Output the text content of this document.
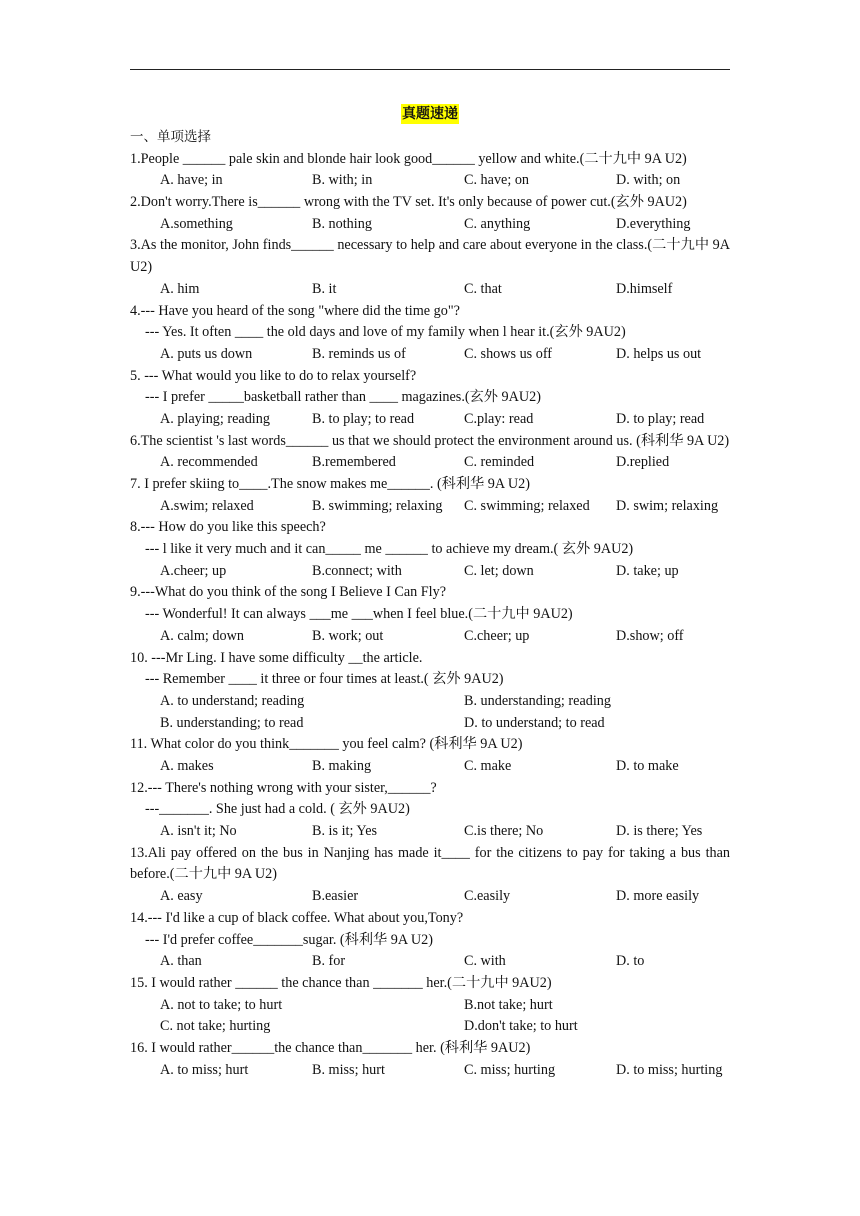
真题速递
一、单项选择
1.People ______ pale skin and blonde hair look good______ yellow and white.(二十九中 9A U2)
A. have; in	B. with; in	C. have; on	D. with; on
2.Don't worry.There is______ wrong with the TV set. It's only because of power cut.(玄外 9AU2)
A.something	B. nothing	C. anything	D.everything
3.As the monitor, John finds______ necessary to help and care about everyone in the class.(二十九中 9A U2)
A. him	B. it	C. that	D.himself
4.--- Have you heard of the song "where did the time go"?
--- Yes. It often ____ the old days and love of my family when l hear it.(玄外 9AU2)
A. puts us down	B. reminds us of	C. shows us off	D. helps us out
5. --- What would you like to do to relax yourself?
--- I prefer _____basketball rather than ____ magazines.(玄外 9AU2)
A. playing; reading	B. to play; to read	C.play: read	D. to play; read
6.The scientist 's last words______ us that we should protect the environment around us. (科利华 9A U2)
A. recommended	B.remembered	C. reminded	D.replied
7. I prefer skiing to____.The snow makes me______. (科利华 9A U2)
A.swim; relaxed	B. swimming; relaxing C. swimming; relaxed D. swim; relaxing
8.--- How do you like this speech?
--- l like it very much and it can_____ me ______ to achieve my dream.( 玄外 9AU2)
A.cheer; up	B.connect; with	C. let; down	D. take; up
9.---What do you think of the song I Believe I Can Fly?
--- Wonderful! It can always ___me ___when I feel blue.(二十九中 9AU2)
A. calm; down	B. work; out	C.cheer; up	D.show; off
10. ---Mr Ling. I have some difficulty __the article.
--- Remember ____ it three or four times at least.( 玄外 9AU2)
A. to understand; reading	B. understanding; reading
B. understanding; to read	D. to understand; to read
11. What color do you think_______ you feel calm? (科利华 9A U2)
A. makes	B. making	C. make	D. to make
12.--- There's nothing wrong with your sister,______?
---_______. She just had a cold. ( 玄外 9AU2)
A. isn't it; No	B. is it; Yes	C.is there; No	D. is there; Yes
13.Ali pay offered on the bus in Nanjing has made it____ for the citizens to pay for taking a bus than before.(二十九中 9A U2)
A. easy	B.easier	C.easily	D. more easily
14.--- I'd like a cup of black coffee. What about you,Tony?
--- I'd prefer coffee_______sugar. (科利华 9A U2)
A. than	B. for	C. with	D. to
15. I would rather ______ the chance than _______ her.(二十九中 9AU2)
A. not to take; to hurt	B.not take; hurt
C. not take; hurting	D.don't take; to hurt
16. I would rather______the chance than_______ her. (科利华 9AU2)
A. to miss; hurt	B. miss; hurt	C. miss; hurting	D. to miss; hurting
